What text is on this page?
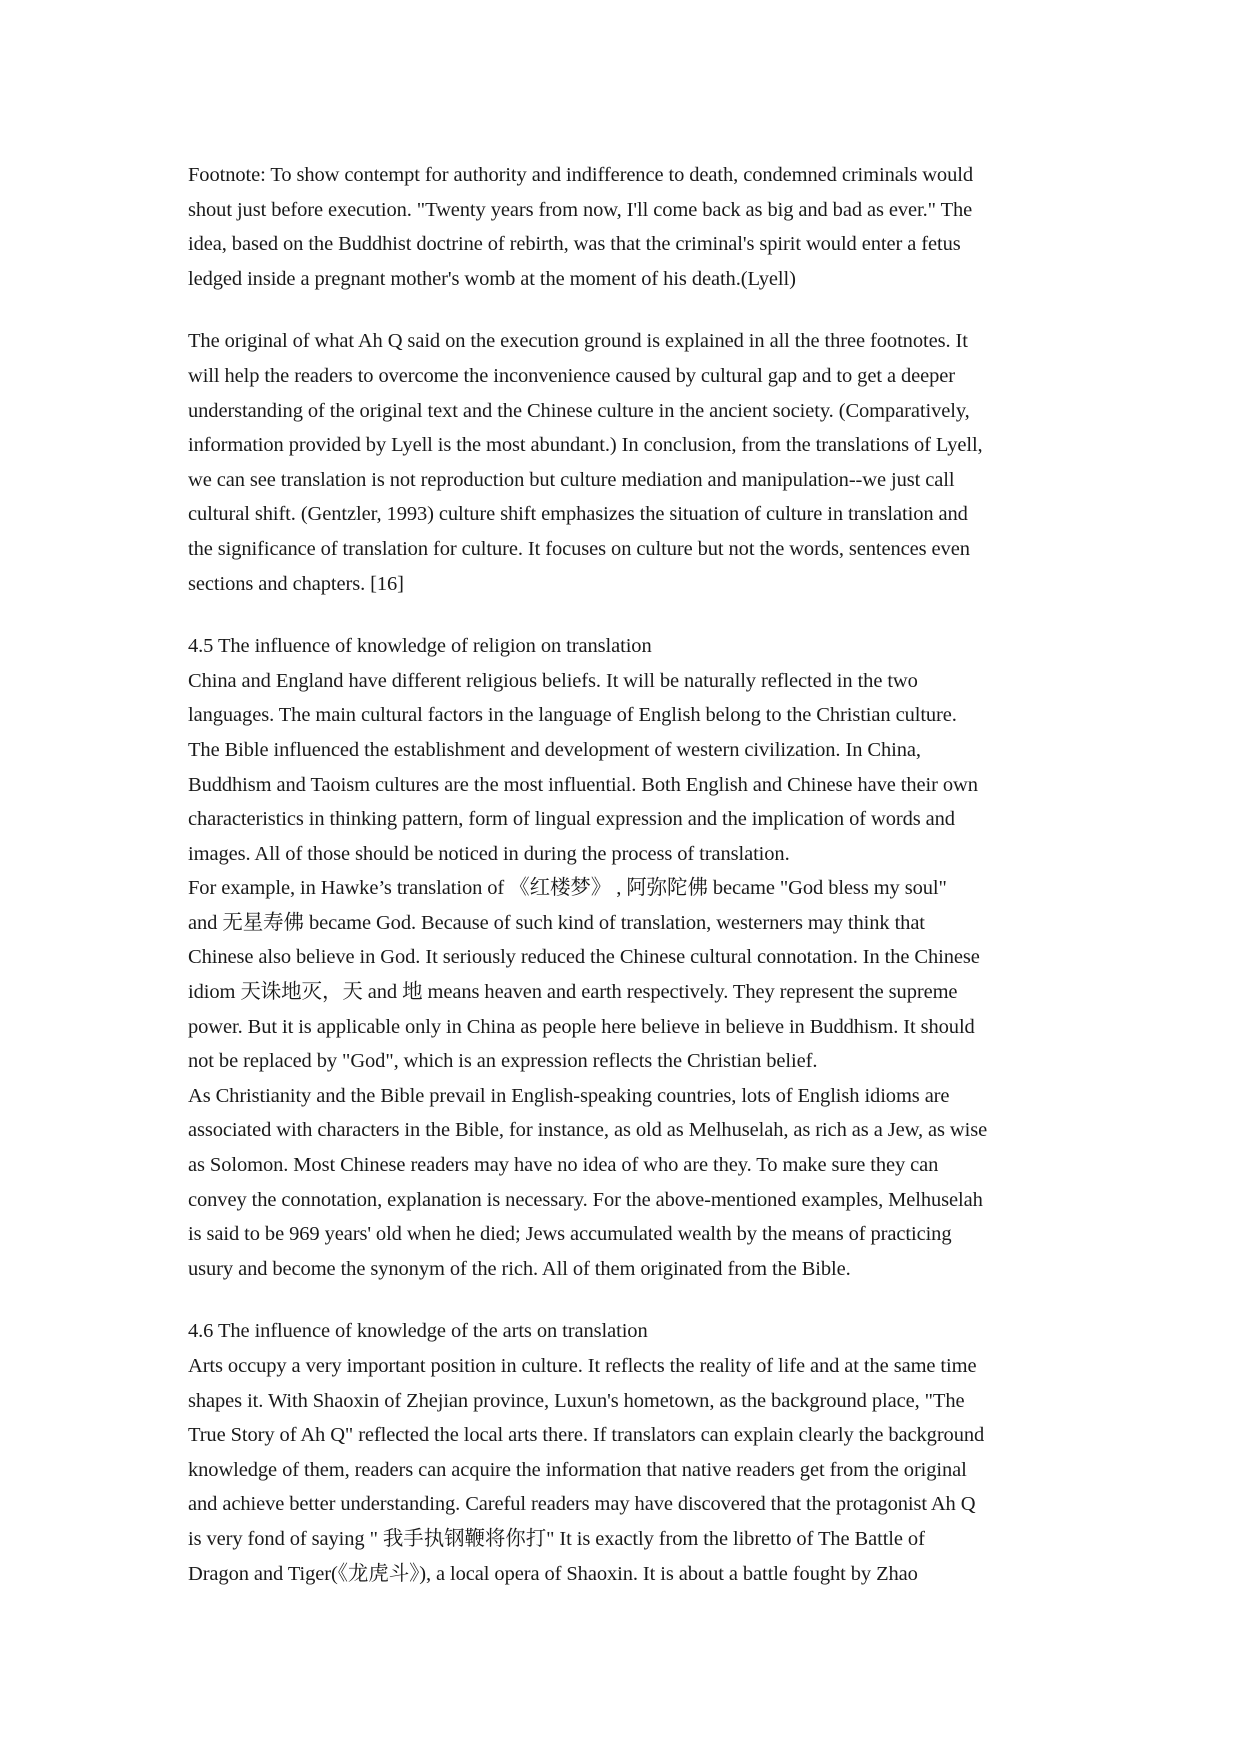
Footnote: To show contempt for authority and indifference to death, condemned criminals would
shout just before execution. "Twenty years from now, I'll come back as big and bad as ever." The
idea, based on the Buddhist doctrine of rebirth, was that the criminal's spirit would enter a fetus
ledged inside a pregnant mother's womb at the moment of his death.(Lyell)
The original of what Ah Q said on the execution ground is explained in all the three footnotes. It
will help the readers to overcome the inconvenience caused by cultural gap and to get a deeper
understanding of the original text and the Chinese culture in the ancient society. (Comparatively,
information provided by Lyell is the most abundant.) In conclusion, from the translations of Lyell,
we can see translation is not reproduction but culture mediation and manipulation--we just call
cultural shift. (Gentzler, 1993) culture shift emphasizes the situation of culture in translation and
the significance of translation for culture. It focuses on culture but not the words, sentences even
sections and chapters. [16]
4.5 The influence of knowledge of religion on translation
China and England have different religious beliefs. It will be naturally reflected in the two
languages. The main cultural factors in the language of English belong to the Christian culture.
The Bible influenced the establishment and development of western civilization. In China,
Buddhism and Taoism cultures are the most influential. Both English and Chinese have their own
characteristics in thinking pattern, form of lingual expression and the implication of words and
images. All of those should be noticed in during the process of translation.
For example, in Hawke’s translation of 《红楼梦》 , 阿弥陀佛 became "God bless my soul"
and 无星寿佛 became God. Because of such kind of translation, westerners may think that
Chinese also believe in God. It seriously reduced the Chinese cultural connotation. In the Chinese
idiom 天诛地灭，天 and 地 means heaven and earth respectively. They represent the supreme
power. But it is applicable only in China as people here believe in believe in Buddhism. It should
not be replaced by "God", which is an expression reflects the Christian belief.
As Christianity and the Bible prevail in English-speaking countries, lots of English idioms are
associated with characters in the Bible, for instance, as old as Melhuselah, as rich as a Jew, as wise
as Solomon. Most Chinese readers may have no idea of who are they. To make sure they can
convey the connotation, explanation is necessary. For the above-mentioned examples, Melhuselah
is said to be 969 years' old when he died; Jews accumulated wealth by the means of practicing
usury and become the synonym of the rich. All of them originated from the Bible.
4.6 The influence of knowledge of the arts on translation
Arts occupy a very important position in culture. It reflects the reality of life and at the same time
shapes it. With Shaoxin of Zhejian province, Luxun's hometown, as the background place, "The
True Story of Ah Q" reflected the local arts there. If translators can explain clearly the background
knowledge of them, readers can acquire the information that native readers get from the original
and achieve better understanding. Careful readers may have discovered that the protagonist Ah Q
is very fond of saying " 我手执钢鞭将你打" It is exactly from the libretto of The Battle of
Dragon and Tiger(《龙虎斗》), a local opera of Shaoxin. It is about a battle fought by Zhao
